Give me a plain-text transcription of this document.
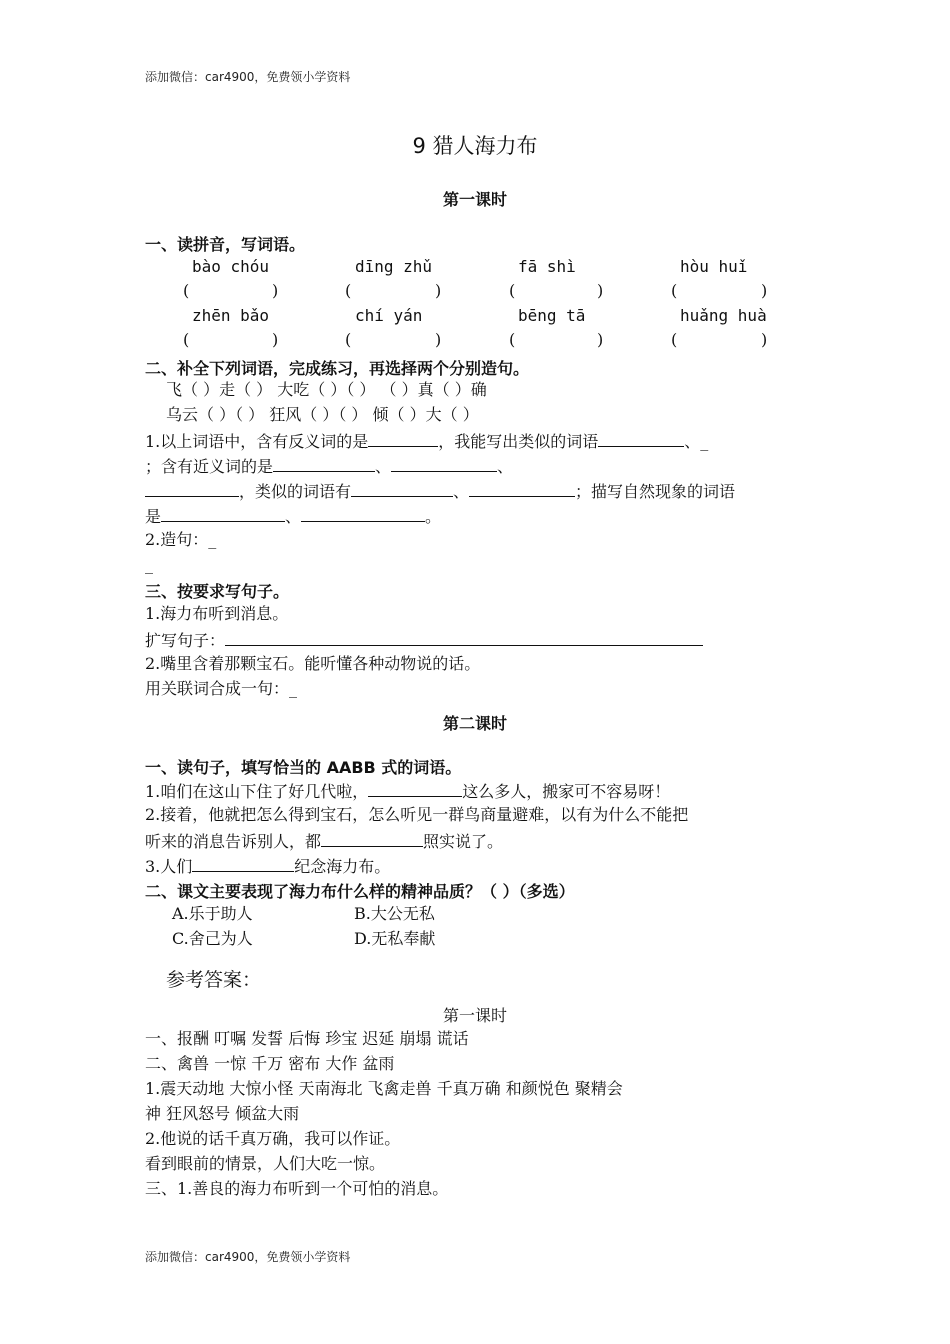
添加微信：car4900，免费领小学资料
9 猎人海力布
第一课时
一、读拼音，写词语。
bào chóu	dīng zhǔ	fā shì	hòu huǐ
(	)	(	)	(	)	(	)
zhēn bǎo	chí yán	bēng tā	huǎng huà
(	)	(	)	(	)	(	)
二、补全下列词语，完成练习，再选择两个分别造句。
飞（ ）走（ ） 大吃（ ）（ ） （ ）真（ ）确
乌云（ ）（ ） 狂风（ ）（ ） 倾（ ）大（ ）
1.以上词语中，含有反义词的是	，我能写出类似的词语	、_
；含有近义词的是	、	、
，类似的词语有	、	；描写自然现象的词语
是	、	。
2.造句：_
_
三、按要求写句子。
1.海力布听到消息。
扩写句子：
2.嘴里含着那颗宝石。能听懂各种动物说的话。
用关联词合成一句：_
第二课时
一、读句子，填写恰当的 AABB 式的词语。
1.咱们在这山下住了好几代啦，	这么多人，搬家可不容易呀！
2.接着，他就把怎么得到宝石，怎么听见一群鸟商量避难，以有为什么不能把
听来的消息告诉别人，都	照实说了。
3.人们	纪念海力布。
二、课文主要表现了海力布什么样的精神品质？（ ）（多选）
A.乐于助人	B.大公无私
C.舍己为人	D.无私奉献
参考答案：
第一课时
一、报酬 叮嘱 发誓 后悔 珍宝 迟延 崩塌 谎话
二、禽兽 一惊 千万 密布 大作 盆雨
1.震天动地 大惊小怪 天南海北 飞禽走兽 千真万确 和颜悦色 聚精会
神 狂风怒号 倾盆大雨
2.他说的话千真万确，我可以作证。
看到眼前的情景，人们大吃一惊。
三、1.善良的海力布听到一个可怕的消息。
添加微信：car4900，免费领小学资料
